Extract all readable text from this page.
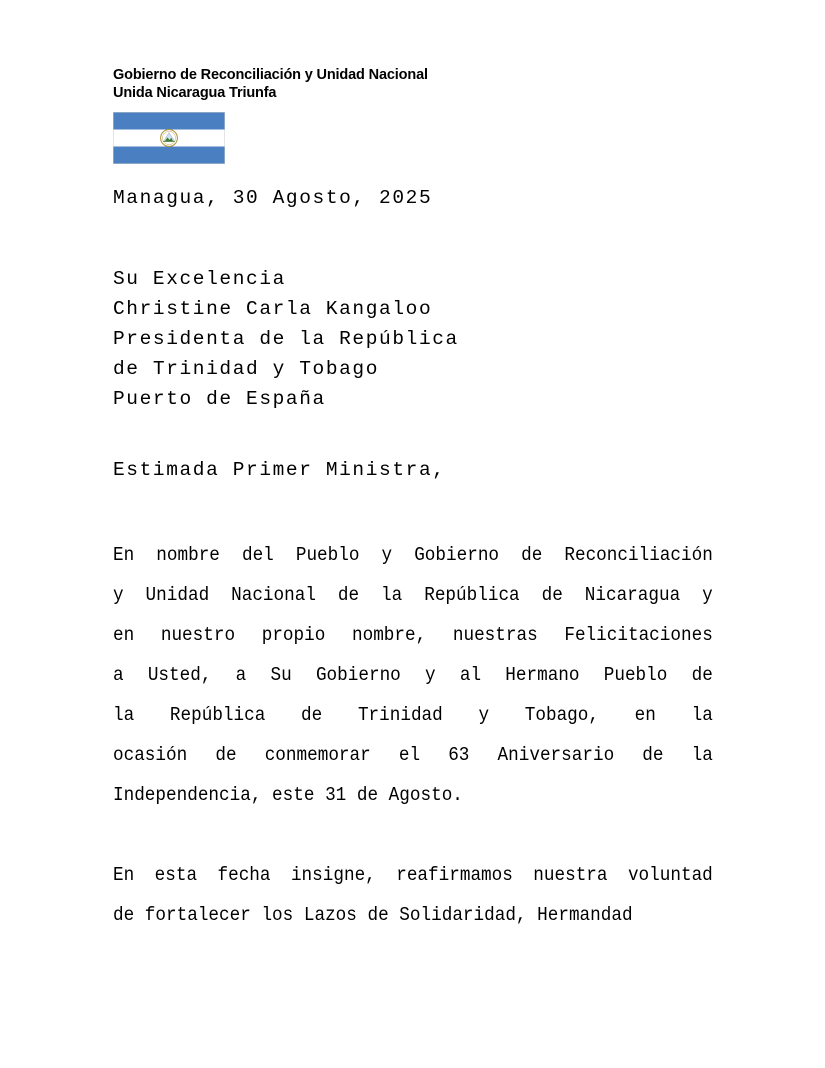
Gobierno de Reconciliación y Unidad Nacional
Unida Nicaragua Triunfa
Managua, 30 Agosto, 2025
Su Excelencia
Christine Carla Kangaloo
Presidenta de la República
de Trinidad y Tobago
Puerto de España
Estimada Primer Ministra,
En nombre del Pueblo y Gobierno de Reconciliación
y Unidad Nacional de la República de Nicaragua y
en nuestro propio nombre, nuestras Felicitaciones
a Usted, a Su Gobierno y al Hermano Pueblo de
la República de Trinidad y Tobago, en la
ocasión de conmemorar el 63 Aniversario de la
Independencia, este 31 de Agosto.
En esta fecha insigne, reafirmamos nuestra voluntad
de fortalecer los Lazos de Solidaridad, Hermandad
